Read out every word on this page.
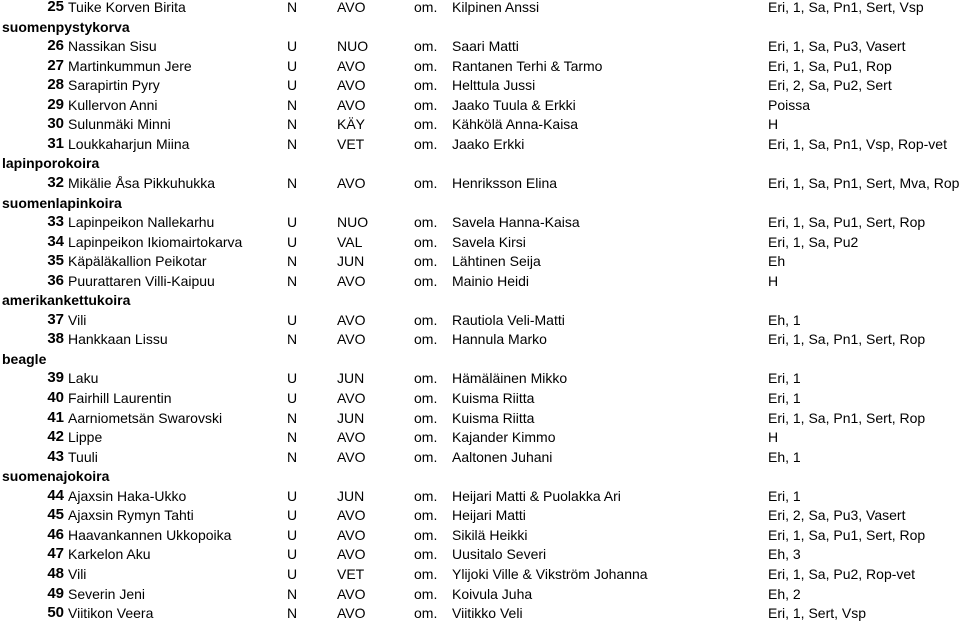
25 Tuike Korven Birita	N	AVO	om. Kilpinen Anssi	Eri, 1, Sa, Pn1, Sert, Vsp
suomenpystykorva
26 Nassikan Sisu	U	NUO	om. Saari Matti	Eri, 1, Sa, Pu3, Vasert
27 Martinkummun Jere	U	AVO	om. Rantanen Terhi & Tarmo	Eri, 1, Sa, Pu1, Rop
28 Sarapirtin Pyry	U	AVO	om. Helttula Jussi	Eri, 2, Sa, Pu2, Sert
29 Kullervon Anni	N	AVO	om. Jaako Tuula & Erkki	Poissa
30 Sulunmäki Minni	N	KÄY	om. Kähkölä Anna-Kaisa	H
31 Loukkaharjun Miina	N	VET	om. Jaako Erkki	Eri, 1, Sa, Pn1, Vsp, Rop-vet
lapinporokoira
32 Mikälie Åsa Pikkuhukka	N	AVO	om. Henriksson Elina	Eri, 1, Sa, Pn1, Sert, Mva, Rop
suomenlapinkoira
33 Lapinpeikon Nallekarhu	U	NUO	om. Savela Hanna-Kaisa	Eri, 1, Sa, Pu1, Sert, Rop
34 Lapinpeikon Ikiomairtokarva	U	VAL	om. Savela Kirsi	Eri, 1, Sa, Pu2
35 Käpäläkallion Peikotar	N	JUN	om. Lähtinen Seija	Eh
36 Puurattaren Villi-Kaipuu	N	AVO	om. Mainio Heidi	H
amerikankettukoira
37 Vili	U	AVO	om. Rautiola Veli-Matti	Eh, 1
38 Hankkaan Lissu	N	AVO	om. Hannula Marko	Eri, 1, Sa, Pn1, Sert, Rop
beagle
39 Laku	U	JUN	om. Hämäläinen Mikko	Eri, 1
40 Fairhill Laurentin	U	AVO	om. Kuisma Riitta	Eri, 1
41 Aarniometsän Swarovski	N	JUN	om. Kuisma Riitta	Eri, 1, Sa, Pn1, Sert, Rop
42 Lippe	N	AVO	om. Kajander Kimmo	H
43 Tuuli	N	AVO	om. Aaltonen Juhani	Eh, 1
suomenajokoira
44 Ajaxsin Haka-Ukko	U	JUN	om. Heijari Matti & Puolakka Ari	Eri, 1
45 Ajaxsin Rymyn Tahti	U	AVO	om. Heijari Matti	Eri, 2, Sa, Pu3, Vasert
46 Haavankannen Ukkopoika	U	AVO	om. Sikilä Heikki	Eri, 1, Sa, Pu1, Sert, Rop
47 Karkelon Aku	U	AVO	om. Uusitalo Severi	Eh, 3
48 Vili	U	VET	om. Ylijoki Ville & Vikström Johanna	Eri, 1, Sa, Pu2, Rop-vet
49 Severin Jeni	N	AVO	om. Koivula Juha	Eh, 2
50 Viitikon Veera	N	AVO	om. Viitikko Veli	Eri, 1, Sert, Vsp
